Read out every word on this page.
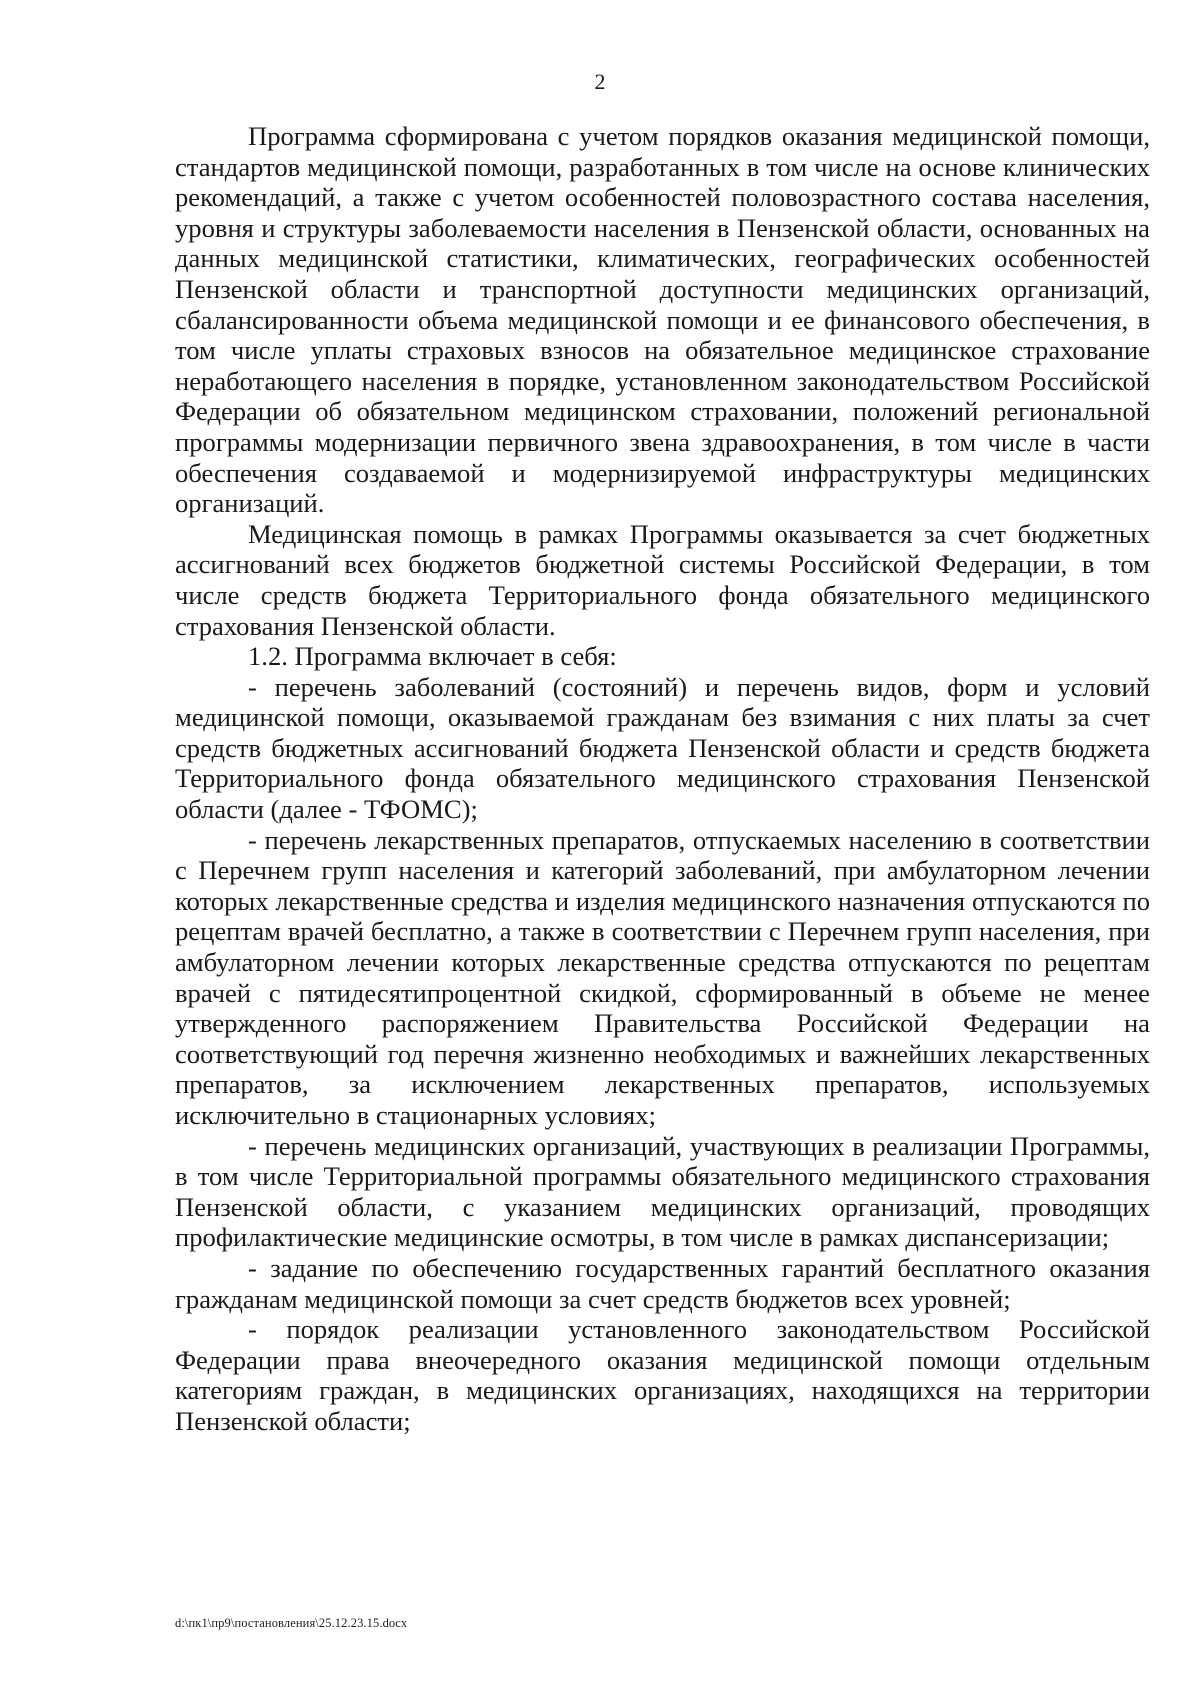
2

Программа сформирована с учетом порядков оказания медицинской помощи, стандартов медицинской помощи, разработанных в том числе на основе клинических рекомендаций, а также с учетом особенностей половозрастного состава населения, уровня и структуры заболеваемости населения в Пензенской области, основанных на данных медицинской статистики, климатических, географических особенностей Пензенской области и транспортной доступности медицинских организаций, сбалансированности объема медицинской помощи и ее финансового обеспечения, в том числе уплаты страховых взносов на обязательное медицинское страхование неработающего населения в порядке, установленном законодательством Российской Федерации об обязательном медицинском страховании, положений региональной программы модернизации первичного звена здравоохранения, в том числе в части обеспечения создаваемой и модернизируемой инфраструктуры медицинских организаций.

Медицинская помощь в рамках Программы оказывается за счет бюджетных ассигнований всех бюджетов бюджетной системы Российской Федерации, в том числе средств бюджета Территориального фонда обязательного медицинского страхования Пензенской области.

1.2. Программа включает в себя:

- перечень заболеваний (состояний) и перечень видов, форм и условий медицинской помощи, оказываемой гражданам без взимания с них платы за счет средств бюджетных ассигнований бюджета Пензенской области и средств бюджета Территориального фонда обязательного медицинского страхования Пензенской области (далее - ТФОМС);

- перечень лекарственных препаратов, отпускаемых населению в соответствии с Перечнем групп населения и категорий заболеваний, при амбулаторном лечении которых лекарственные средства и изделия медицинского назначения отпускаются по рецептам врачей бесплатно, а также в соответствии с Перечнем групп населения, при амбулаторном лечении которых лекарственные средства отпускаются по рецептам врачей с пятидесятипроцентной скидкой, сформированный в объеме не менее утвержденного распоряжением Правительства Российской Федерации на соответствующий год перечня жизненно необходимых и важнейших лекарственных препаратов, за исключением лекарственных препаратов, используемых исключительно в стационарных условиях;

- перечень медицинских организаций, участвующих в реализации Программы, в том числе Территориальной программы обязательного медицинского страхования Пензенской области, с указанием медицинских организаций, проводящих профилактические медицинские осмотры, в том числе в рамках диспансеризации;

- задание по обеспечению государственных гарантий бесплатного оказания гражданам медицинской помощи за счет средств бюджетов всех уровней;

- порядок реализации установленного законодательством Российской Федерации права внеочередного оказания медицинской помощи отдельным категориям граждан, в медицинских организациях, находящихся на территории Пензенской области;

d:\пк1\пр9\постановления\25.12.23.15.docx
